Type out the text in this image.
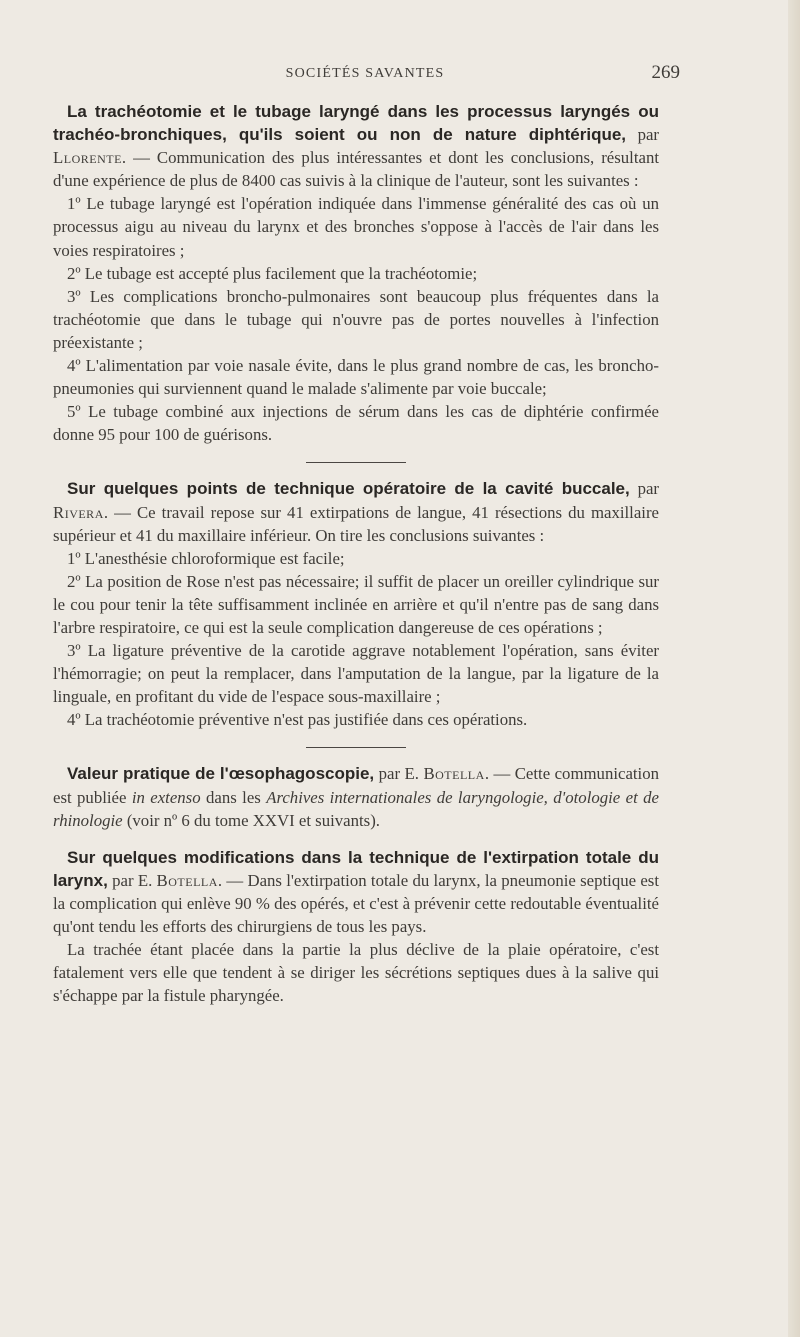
SOCIÉTÉS SAVANTES	269

La trachéotomie et le tubage laryngé dans les processus laryngés ou trachéo-bronchiques, qu'ils soient ou non de nature diphtérique, par Llorente. — Communication des plus intéressantes et dont les conclusions, résultant d'une expérience de plus de 8400 cas suivis à la clinique de l'auteur, sont les suivantes :

1º Le tubage laryngé est l'opération indiquée dans l'immense généralité des cas où un processus aigu au niveau du larynx et des bronches s'oppose à l'accès de l'air dans les voies respiratoires ;

2º Le tubage est accepté plus facilement que la trachéotomie;

3º Les complications broncho-pulmonaires sont beaucoup plus fréquentes dans la trachéotomie que dans le tubage qui n'ouvre pas de portes nouvelles à l'infection préexistante ;

4º L'alimentation par voie nasale évite, dans le plus grand nombre de cas, les broncho-pneumonies qui surviennent quand le malade s'alimente par voie buccale;

5º Le tubage combiné aux injections de sérum dans les cas de diphtérie confirmée donne 95 pour 100 de guérisons.

Sur quelques points de technique opératoire de la cavité buccale, par Rivera. — Ce travail repose sur 41 extirpations de langue, 41 résections du maxillaire supérieur et 41 du maxillaire inférieur. On tire les conclusions suivantes :

1º L'anesthésie chloroformique est facile;

2º La position de Rose n'est pas nécessaire; il suffit de placer un oreiller cylindrique sur le cou pour tenir la tête suffisamment inclinée en arrière et qu'il n'entre pas de sang dans l'arbre respiratoire, ce qui est la seule complication dangereuse de ces opérations ;

3º La ligature préventive de la carotide aggrave notablement l'opération, sans éviter l'hémorragie; on peut la remplacer, dans l'amputation de la langue, par la ligature de la linguale, en profitant du vide de l'espace sous-maxillaire ;

4º La trachéotomie préventive n'est pas justifiée dans ces opérations.

Valeur pratique de l'œsophagoscopie, par E. Botella. — Cette communication est publiée in extenso dans les Archives internationales de laryngologie, d'otologie et de rhinologie (voir nº 6 du tome XXVI et suivants).

Sur quelques modifications dans la technique de l'extirpation totale du larynx, par E. Botella. — Dans l'extirpation totale du larynx, la pneumonie septique est la complication qui enlève 90 % des opérés, et c'est à prévenir cette redoutable éventualité qu'ont tendu les efforts des chirurgiens de tous les pays.

La trachée étant placée dans la partie la plus déclive de la plaie opératoire, c'est fatalement vers elle que tendent à se diriger les sécrétions septiques dues à la salive qui s'échappe par la fistule pharyngée.
